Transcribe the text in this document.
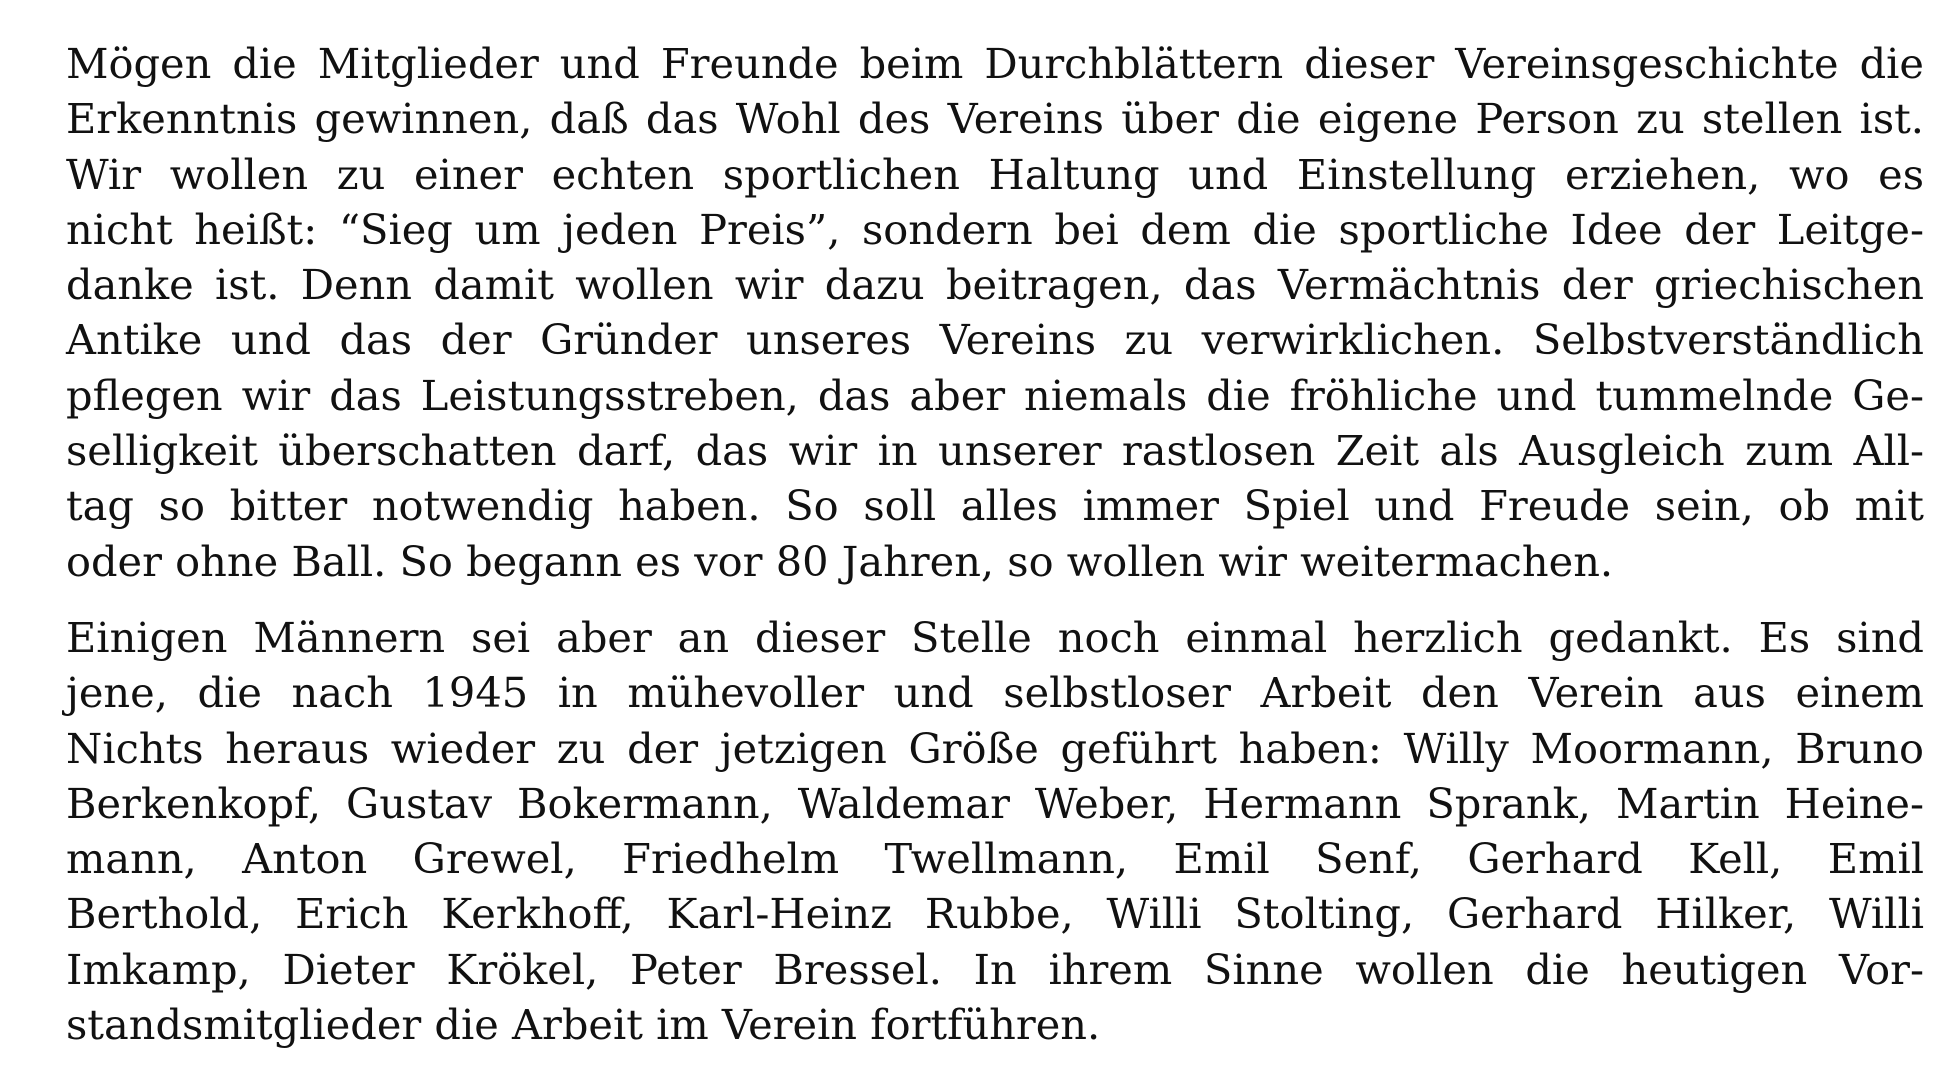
Mögen die Mitglieder und Freunde beim Durchblättern dieser Vereinsgeschichte die
Erkenntnis gewinnen, daß das Wohl des Vereins über die eigene Person zu stellen ist.
Wir wollen zu einer echten sportlichen Haltung und Einstellung erziehen, wo es
nicht heißt: “Sieg um jeden Preis”, sondern bei dem die sportliche Idee der Leitge-
danke ist. Denn damit wollen wir dazu beitragen, das Vermächtnis der griechischen
Antike und das der Gründer unseres Vereins zu verwirklichen. Selbstverständlich
pflegen wir das Leistungsstreben, das aber niemals die fröhliche und tummelnde Ge-
selligkeit überschatten darf, das wir in unserer rastlosen Zeit als Ausgleich zum All-
tag so bitter notwendig haben. So soll alles immer Spiel und Freude sein, ob mit
oder ohne Ball. So begann es vor 80 Jahren, so wollen wir weitermachen.
Einigen Männern sei aber an dieser Stelle noch einmal herzlich gedankt. Es sind
jene, die nach 1945 in mühevoller und selbstloser Arbeit den Verein aus einem
Nichts heraus wieder zu der jetzigen Größe geführt haben: Willy Moormann, Bruno
Berkenkopf, Gustav Bokermann, Waldemar Weber, Hermann Sprank, Martin Heine-
mann, Anton Grewel, Friedhelm Twellmann, Emil Senf, Gerhard Kell, Emil
Berthold, Erich Kerkhoff, Karl-Heinz Rubbe, Willi Stolting, Gerhard Hilker, Willi
Imkamp, Dieter Krökel, Peter Bressel. In ihrem Sinne wollen die heutigen Vor-
standsmitglieder die Arbeit im Verein fortführen.
